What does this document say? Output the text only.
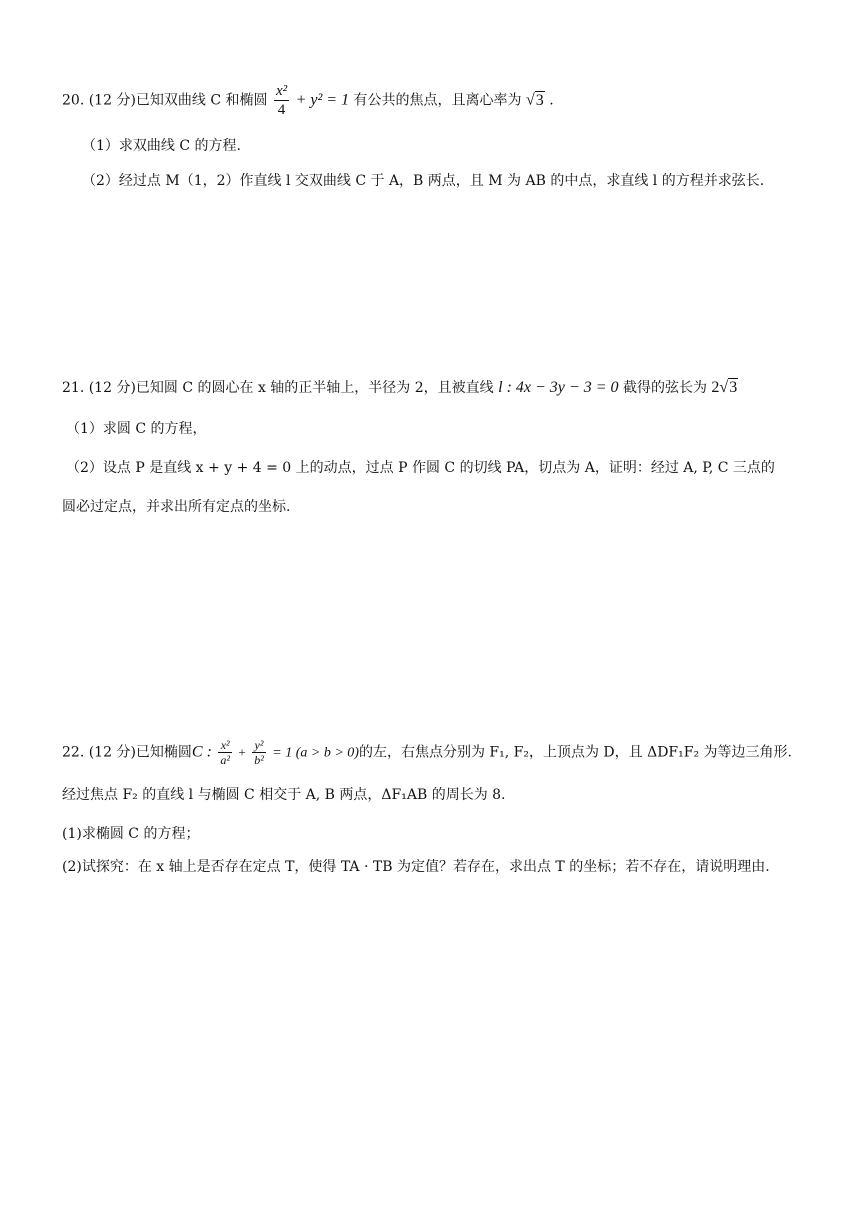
20. (12 分)已知双曲线 C 和椭圆 $\frac{\text{x²}}{4} + y^2 = 1$ 有公共的焦点，且离心率为 √3 .
（1）求双曲线 C 的方程.
（2）经过点 M（1，2）作直线 l 交双曲线 C 于 A，B 两点，且 M 为 AB 的中点，求直线 l 的方程并求弦长.
21. (12 分)已知圆 C 的圆心在 x 轴的正半轴上，半径为 2，且被直线 l : 4x − 3y − 3 = 0 截得的弦长为 2√3
（1）求圆 C 的方程，
（2）设点 P 是直线 x + y + 4 = 0 上的动点，过点 P 作圆 C 的切线 PA，切点为 A，证明：经过 A, P, C 三点的
圆必过定点，并求出所有定点的坐标.
22. (12 分)已知椭圆C : $\frac{\text{x²}}{\text{a²}} + \frac{\text{y²}}{\text{b²}} = 1$ (a > b > 0)的左，右焦点分别为 F₁, F₂，上顶点为 D，且 ΔDF₁F₂ 为等边三角形.
经过焦点 F₂ 的直线 l 与椭圆 C 相交于 A, B 两点，ΔF₁AB 的周长为 8.
(1)求椭圆 C 的方程；
(2)试探究：在 x 轴上是否存在定点 T，使得 TA · TB 为定值？若存在，求出点 T 的坐标；若不存在，请说明理由.
